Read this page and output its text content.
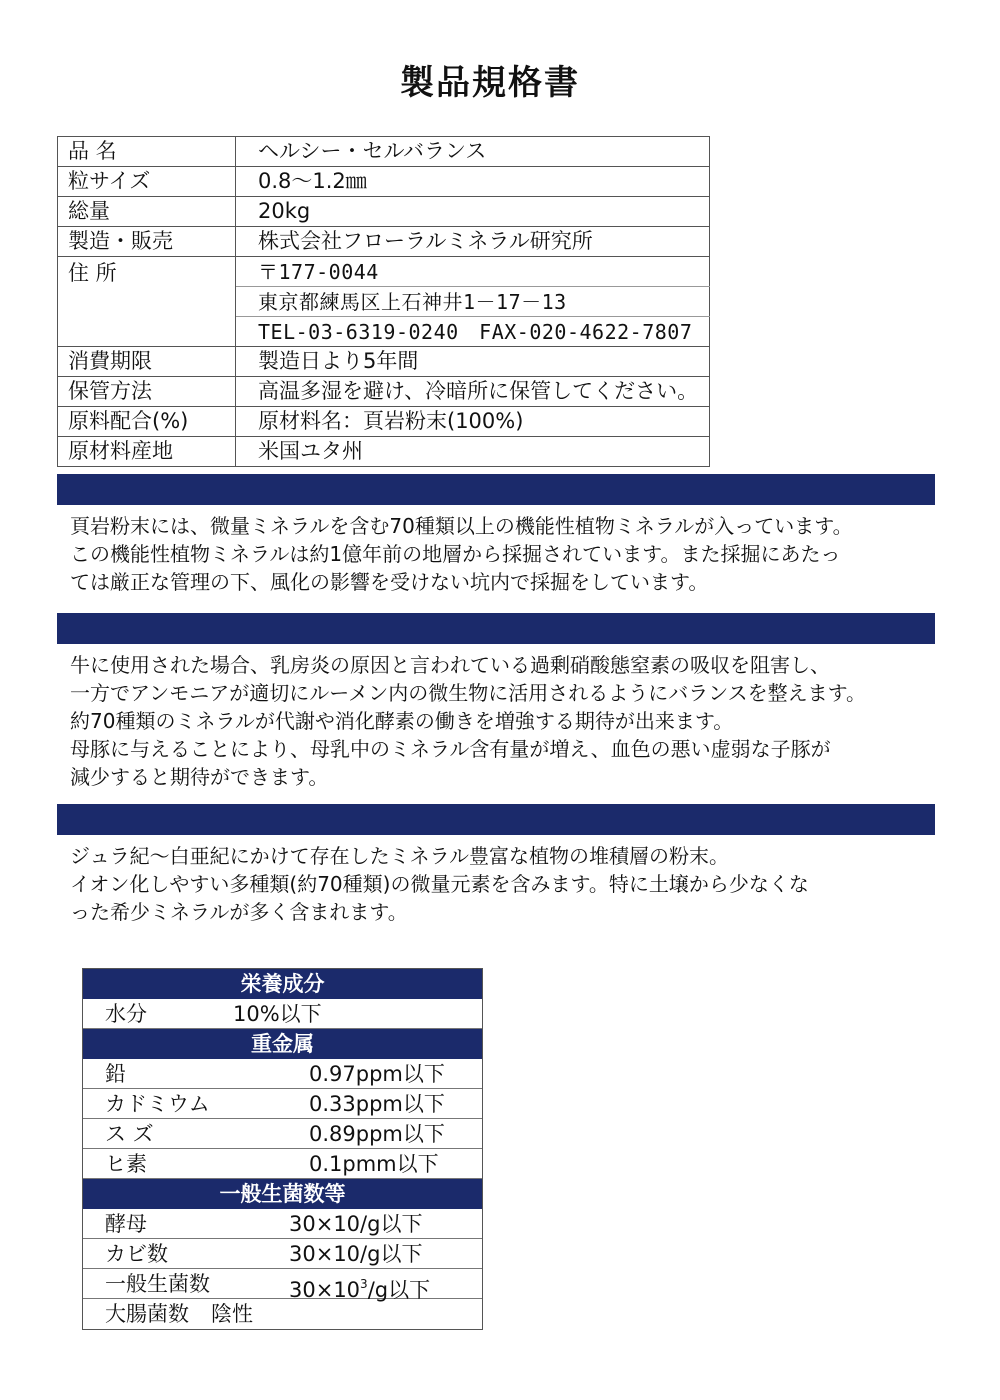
製品規格書
品 名	ヘルシー・セルバランス
粒サイズ	0.8～1.2㎜
総量	20kg
製造・販売	株式会社フローラルミネラル研究所
住 所	〒177-0044
	東京都練馬区上石神井1－17－13
	TEL-03-6319-0240　FAX-020-4622-7807
消費期限	製造日より5年間
保管方法	高温多湿を避け、冷暗所に保管してください。
原料配合(%)	原材料名：頁岩粉末(100%)
原材料産地	米国ユタ州
頁岩粉末には、微量ミネラルを含む70種類以上の機能性植物ミネラルが入っています。
この機能性植物ミネラルは約1億年前の地層から採掘されています。また採掘にあたっ
ては厳正な管理の下、風化の影響を受けない坑内で採掘をしています。
牛に使用された場合、乳房炎の原因と言われている過剰硝酸態窒素の吸収を阻害し、
一方でアンモニアが適切にルーメン内の微生物に活用されるようにバランスを整えます。
約70種類のミネラルが代謝や消化酵素の働きを増強する期待が出来ます。
母豚に与えることにより、母乳中のミネラル含有量が増え、血色の悪い虚弱な子豚が
減少すると期待ができます。
ジュラ紀～白亜紀にかけて存在したミネラル豊富な植物の堆積層の粉末。
イオン化しやすい多種類(約70種類)の微量元素を含みます。特に土壌から少なくな
った希少ミネラルが多く含まれます。
栄養成分
水分	10%以下
重金属
鉛	0.97ppm以下
カドミウム	0.33ppm以下
ス ズ	0.89ppm以下
ヒ素	0.1pmm以下
一般生菌数等
酵母	30×10/g以下
カビ数	30×10/g以下
一般生菌数	$30\times 10^3/g$以下
大腸菌数 陰性
